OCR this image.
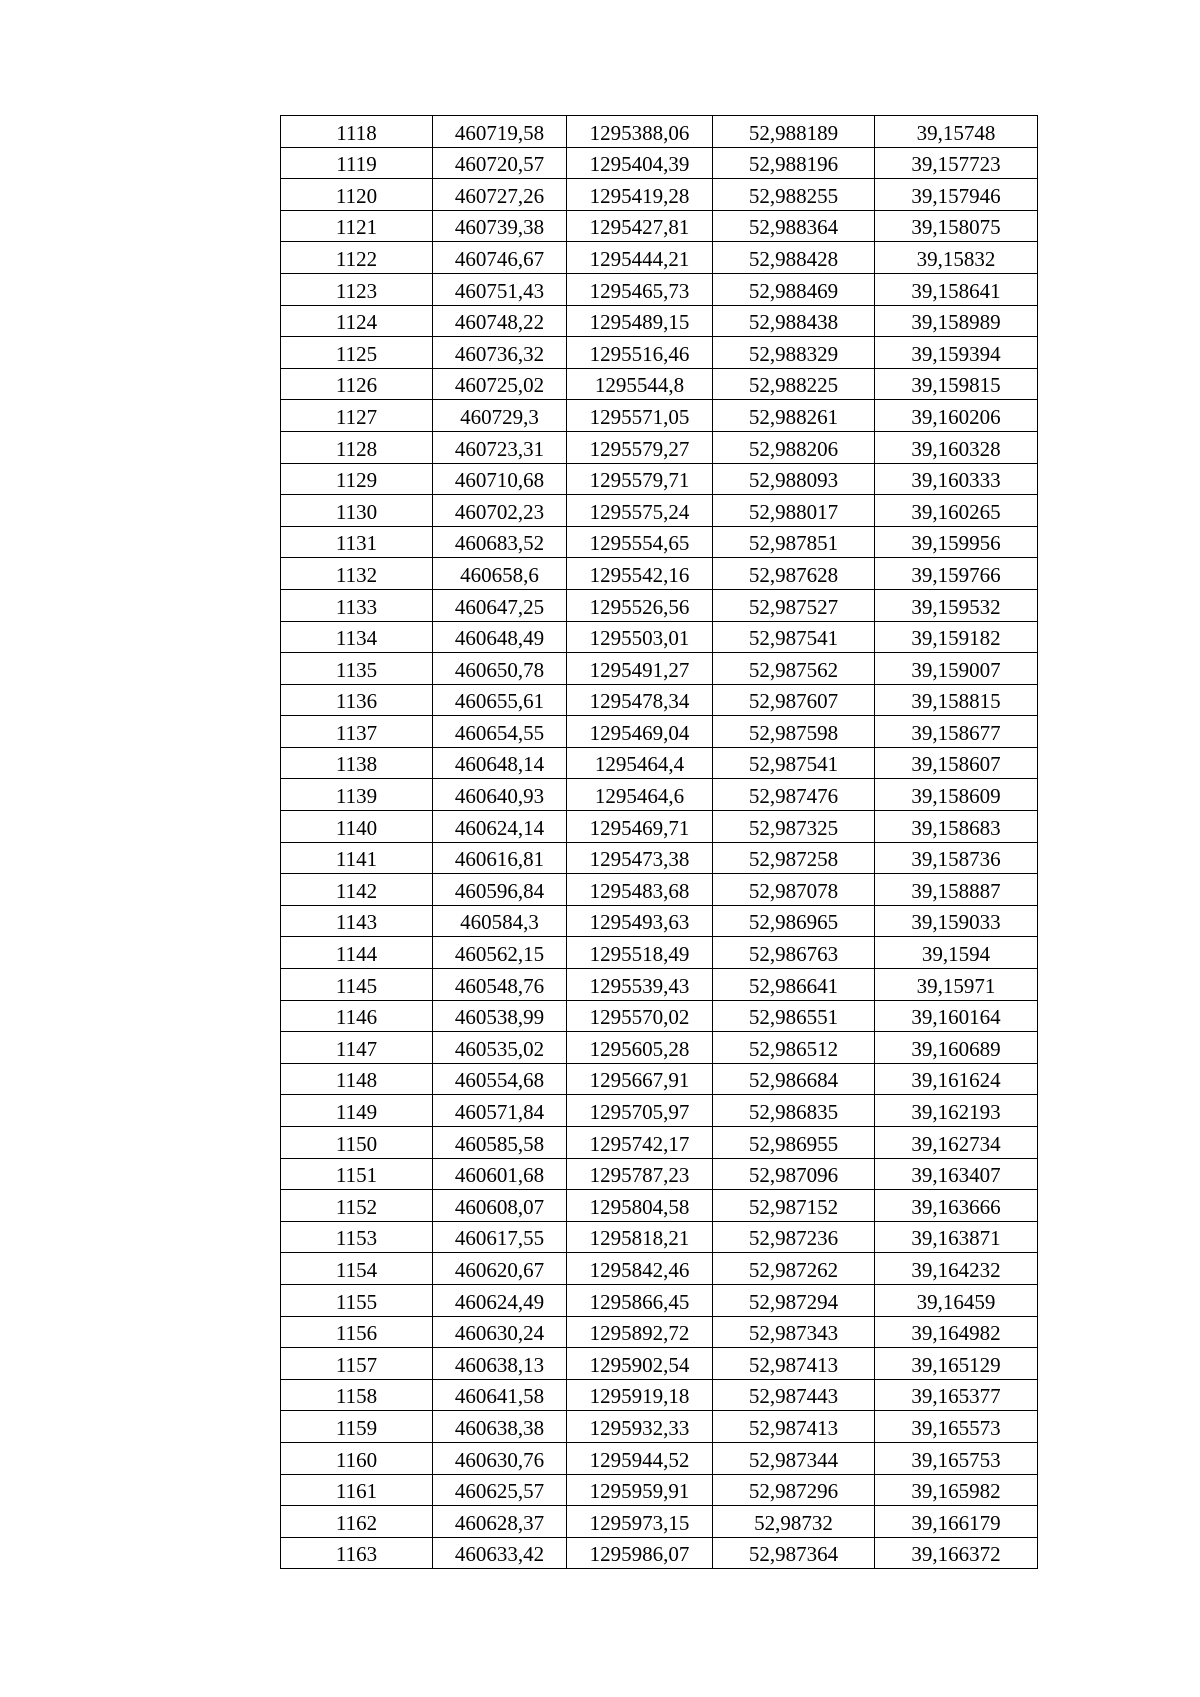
1118	460719,58	1295388,06	52,988189	39,15748
1119	460720,57	1295404,39	52,988196	39,157723
1120	460727,26	1295419,28	52,988255	39,157946
1121	460739,38	1295427,81	52,988364	39,158075
1122	460746,67	1295444,21	52,988428	39,15832
1123	460751,43	1295465,73	52,988469	39,158641
1124	460748,22	1295489,15	52,988438	39,158989
1125	460736,32	1295516,46	52,988329	39,159394
1126	460725,02	1295544,8	52,988225	39,159815
1127	460729,3	1295571,05	52,988261	39,160206
1128	460723,31	1295579,27	52,988206	39,160328
1129	460710,68	1295579,71	52,988093	39,160333
1130	460702,23	1295575,24	52,988017	39,160265
1131	460683,52	1295554,65	52,987851	39,159956
1132	460658,6	1295542,16	52,987628	39,159766
1133	460647,25	1295526,56	52,987527	39,159532
1134	460648,49	1295503,01	52,987541	39,159182
1135	460650,78	1295491,27	52,987562	39,159007
1136	460655,61	1295478,34	52,987607	39,158815
1137	460654,55	1295469,04	52,987598	39,158677
1138	460648,14	1295464,4	52,987541	39,158607
1139	460640,93	1295464,6	52,987476	39,158609
1140	460624,14	1295469,71	52,987325	39,158683
1141	460616,81	1295473,38	52,987258	39,158736
1142	460596,84	1295483,68	52,987078	39,158887
1143	460584,3	1295493,63	52,986965	39,159033
1144	460562,15	1295518,49	52,986763	39,1594
1145	460548,76	1295539,43	52,986641	39,15971
1146	460538,99	1295570,02	52,986551	39,160164
1147	460535,02	1295605,28	52,986512	39,160689
1148	460554,68	1295667,91	52,986684	39,161624
1149	460571,84	1295705,97	52,986835	39,162193
1150	460585,58	1295742,17	52,986955	39,162734
1151	460601,68	1295787,23	52,987096	39,163407
1152	460608,07	1295804,58	52,987152	39,163666
1153	460617,55	1295818,21	52,987236	39,163871
1154	460620,67	1295842,46	52,987262	39,164232
1155	460624,49	1295866,45	52,987294	39,16459
1156	460630,24	1295892,72	52,987343	39,164982
1157	460638,13	1295902,54	52,987413	39,165129
1158	460641,58	1295919,18	52,987443	39,165377
1159	460638,38	1295932,33	52,987413	39,165573
1160	460630,76	1295944,52	52,987344	39,165753
1161	460625,57	1295959,91	52,987296	39,165982
1162	460628,37	1295973,15	52,98732	39,166179
1163	460633,42	1295986,07	52,987364	39,166372
